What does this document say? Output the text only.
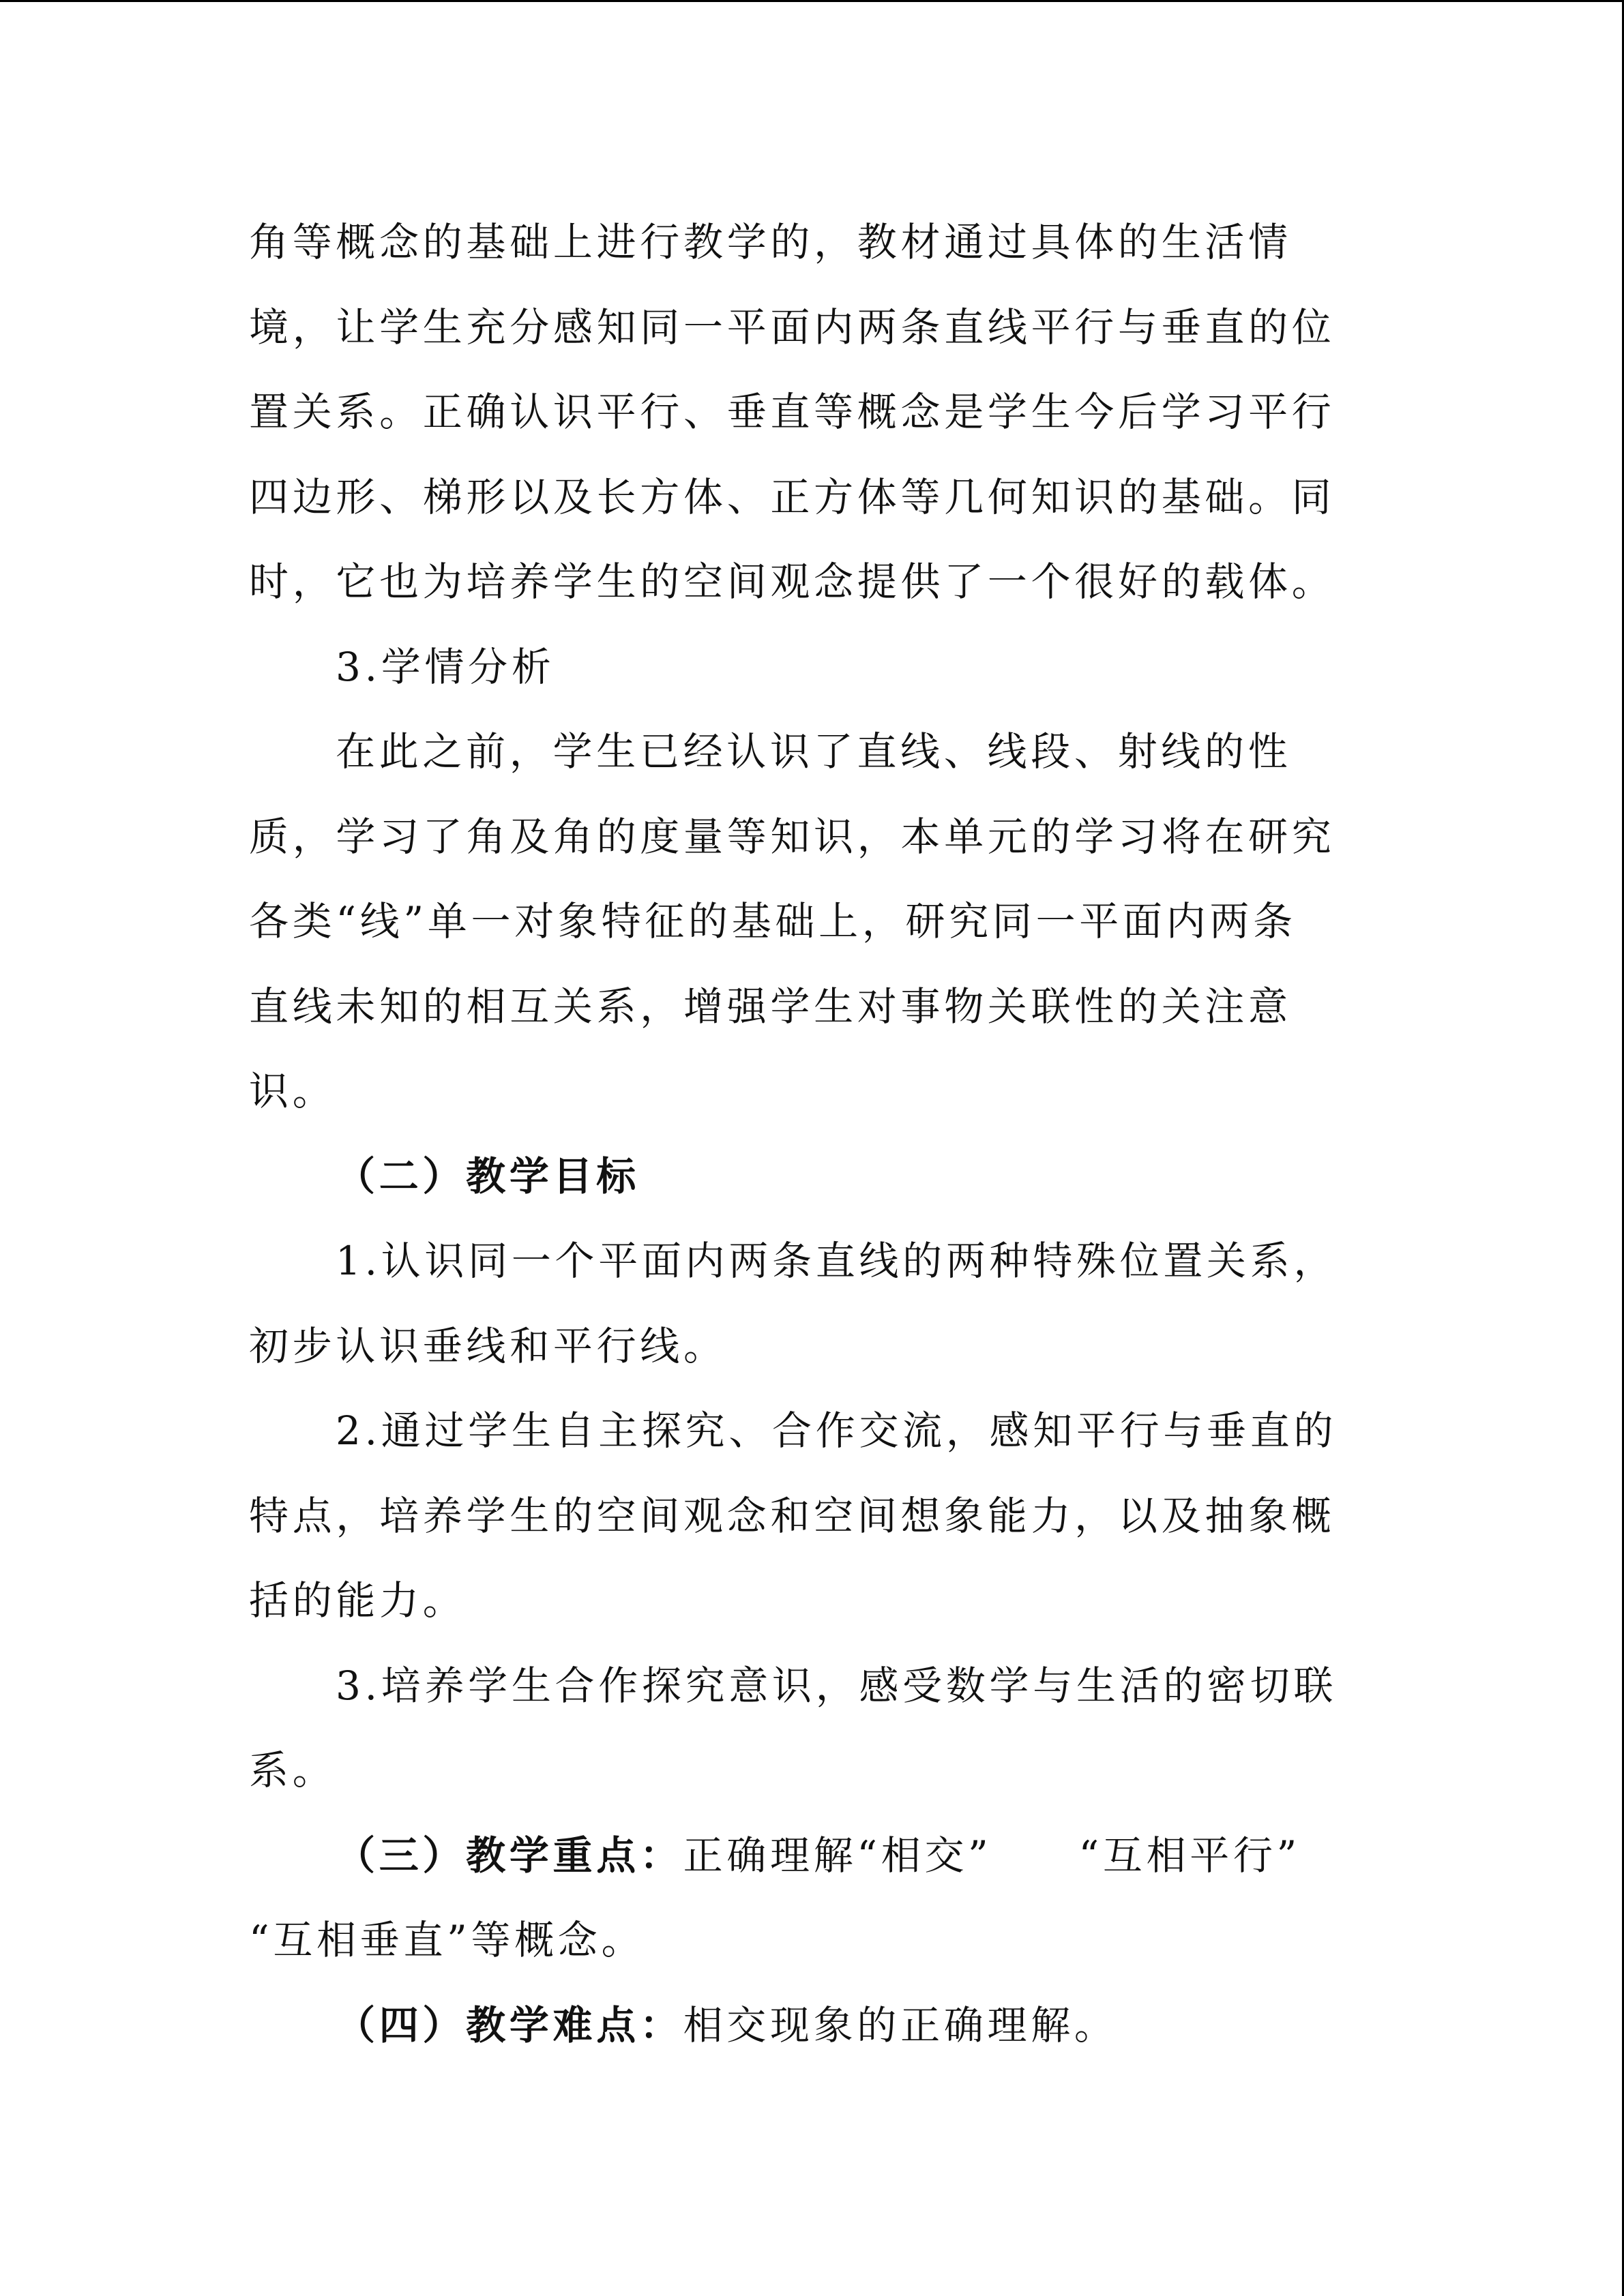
角等概念的基础上进行教学的，教材通过具体的生活情
境，让学生充分感知同一平面内两条直线平行与垂直的位
置关系。正确认识平行、垂直等概念是学生今后学习平行
四边形、梯形以及长方体、正方体等几何知识的基础。同
时，它也为培养学生的空间观念提供了一个很好的载体。
3.学情分析
在此之前，学生已经认识了直线、线段、射线的性
质，学习了角及角的度量等知识，本单元的学习将在研究
各类“线”单一对象特征的基础上，研究同一平面内两条
直线未知的相互关系，增强学生对事物关联性的关注意
识。
（二）教学目标
1.认识同一个平面内两条直线的两种特殊位置关系，
初步认识垂线和平行线。
2.通过学生自主探究、合作交流，感知平行与垂直的
特点，培养学生的空间观念和空间想象能力，以及抽象概
括的能力。
3.培养学生合作探究意识，感受数学与生活的密切联
系。
（三）教学重点：正确理解“相交” “互相平行”
“互相垂直”等概念。
（四）教学难点：相交现象的正确理解。
